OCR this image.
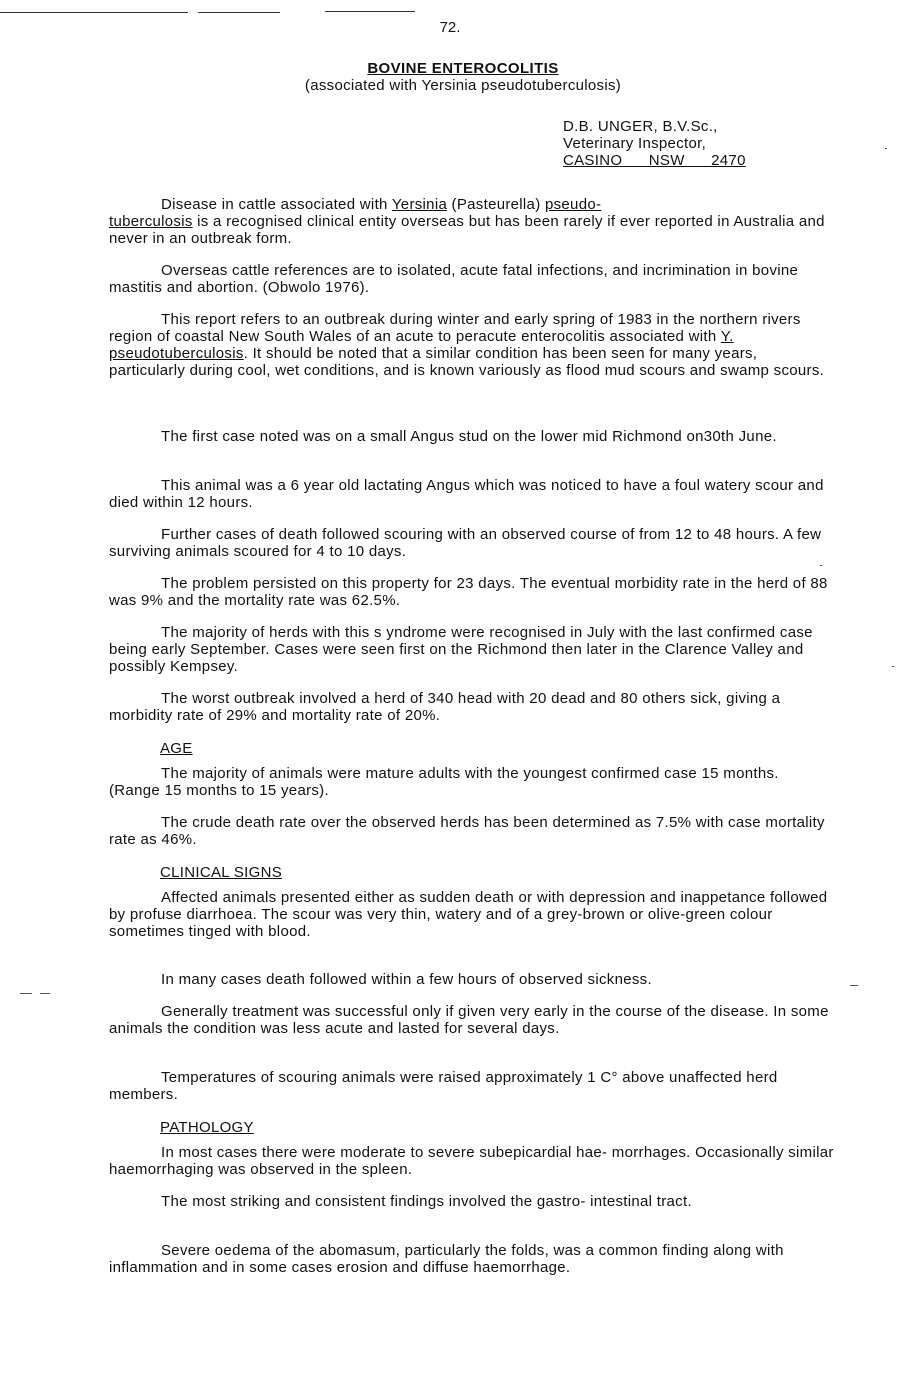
72.
BOVINE ENTEROCOLITIS
(associated with Yersinia pseudotuberculosis)
D.B. UNGER, B.V.Sc.,
Veterinary Inspector,
CASINO NSW 2470

Disease in cattle associated with Yersinia (Pasteurella) pseudo-
tuberculosis is a recognised clinical entity overseas but has been rarely if ever reported in Australia and never in an outbreak form.

Overseas cattle references are to isolated, acute fatal infections, and incrimination in bovine mastitis and abortion. (Obwolo 1976).

This report refers to an outbreak during winter and early spring of 1983 in the northern rivers region of coastal New South Wales of an acute to peracute enterocolitis associated with Y. pseudotuberculosis. It should be noted that a similar condition has been seen for many years, particularly during cool, wet conditions, and is known variously as flood mud scours and swamp scours.

The first case noted was on a small Angus stud on the lower mid Richmond on30th June.

This animal was a 6 year old lactating Angus which was noticed to have a foul watery scour and died within 12 hours.

Further cases of death followed scouring with an observed course of from 12 to 48 hours. A few surviving animals scoured for 4 to 10 days.

The problem persisted on this property for 23 days. The eventual morbidity rate in the herd of 88 was 9% and the mortality rate was 62.5%.

The majority of herds with this s yndrome were recognised in July with the last confirmed case being early September. Cases were seen first on the Richmond then later in the Clarence Valley and possibly Kempsey.

The worst outbreak involved a herd of 340 head with 20 dead and 80 others sick, giving a morbidity rate of 29% and mortality rate of 20%.

AGE

The majority of animals were mature adults with the youngest confirmed case 15 months. (Range 15 months to 15 years).

The crude death rate over the observed herds has been determined as 7.5% with case mortality rate as 46%.

CLINICAL SIGNS

Affected animals presented either as sudden death or with depression and inappetance followed by profuse diarrhoea. The scour was very thin, watery and of a grey-brown or olive-green colour sometimes tinged with blood.

In many cases death followed within a few hours of observed sickness.

Generally treatment was successful only if given very early in the course of the disease. In some animals the condition was less acute and lasted for several days.

Temperatures of scouring animals were raised approximately 1 C° above unaffected herd members.

PATHOLOGY

In most cases there were moderate to severe subepicardial hae- morrhages. Occasionally similar haemorrhaging was observed in the spleen.

The most striking and consistent findings involved the gastro- intestinal tract.

Severe oedema of the abomasum, particularly the folds, was a common finding along with inflammation and in some cases erosion and diffuse haemorrhage.
